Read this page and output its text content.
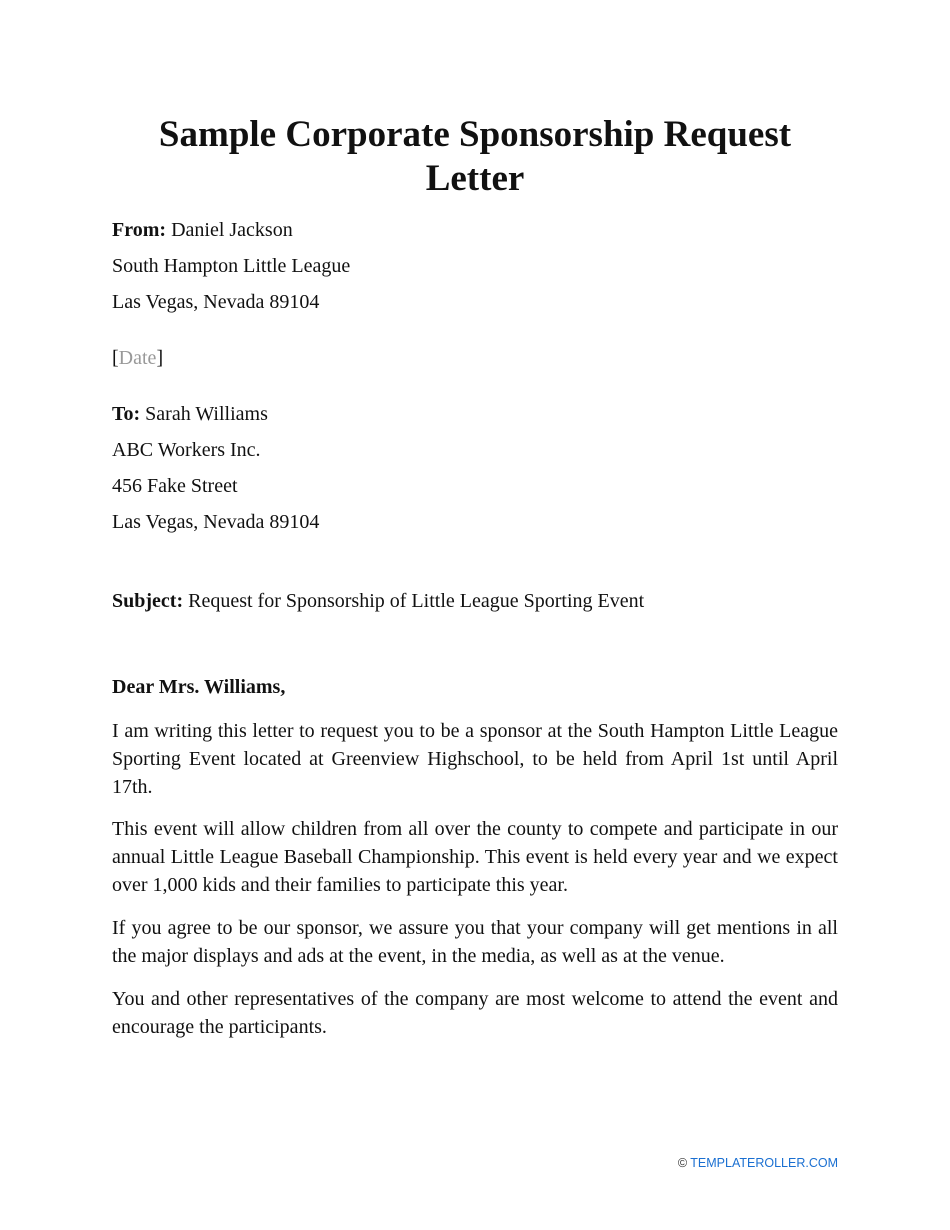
Sample Corporate Sponsorship Request Letter
From: Daniel Jackson
South Hampton Little League
Las Vegas, Nevada 89104
[Date]
To: Sarah Williams
ABC Workers Inc.
456 Fake Street
Las Vegas, Nevada 89104
Subject: Request for Sponsorship of Little League Sporting Event
Dear Mrs. Williams,

I am writing this letter to request you to be a sponsor at the South Hampton Little League Sporting Event located at Greenview Highschool, to be held from April 1st until April 17th.

This event will allow children from all over the county to compete and participate in our annual Little League Baseball Championship. This event is held every year and we expect over 1,000 kids and their families to participate this year.

If you agree to be our sponsor, we assure you that your company will get mentions in all the major displays and ads at the event, in the media, as well as at the venue.

You and other representatives of the company are most welcome to attend the event and encourage the participants.

© TEMPLATEROLLER.COM
